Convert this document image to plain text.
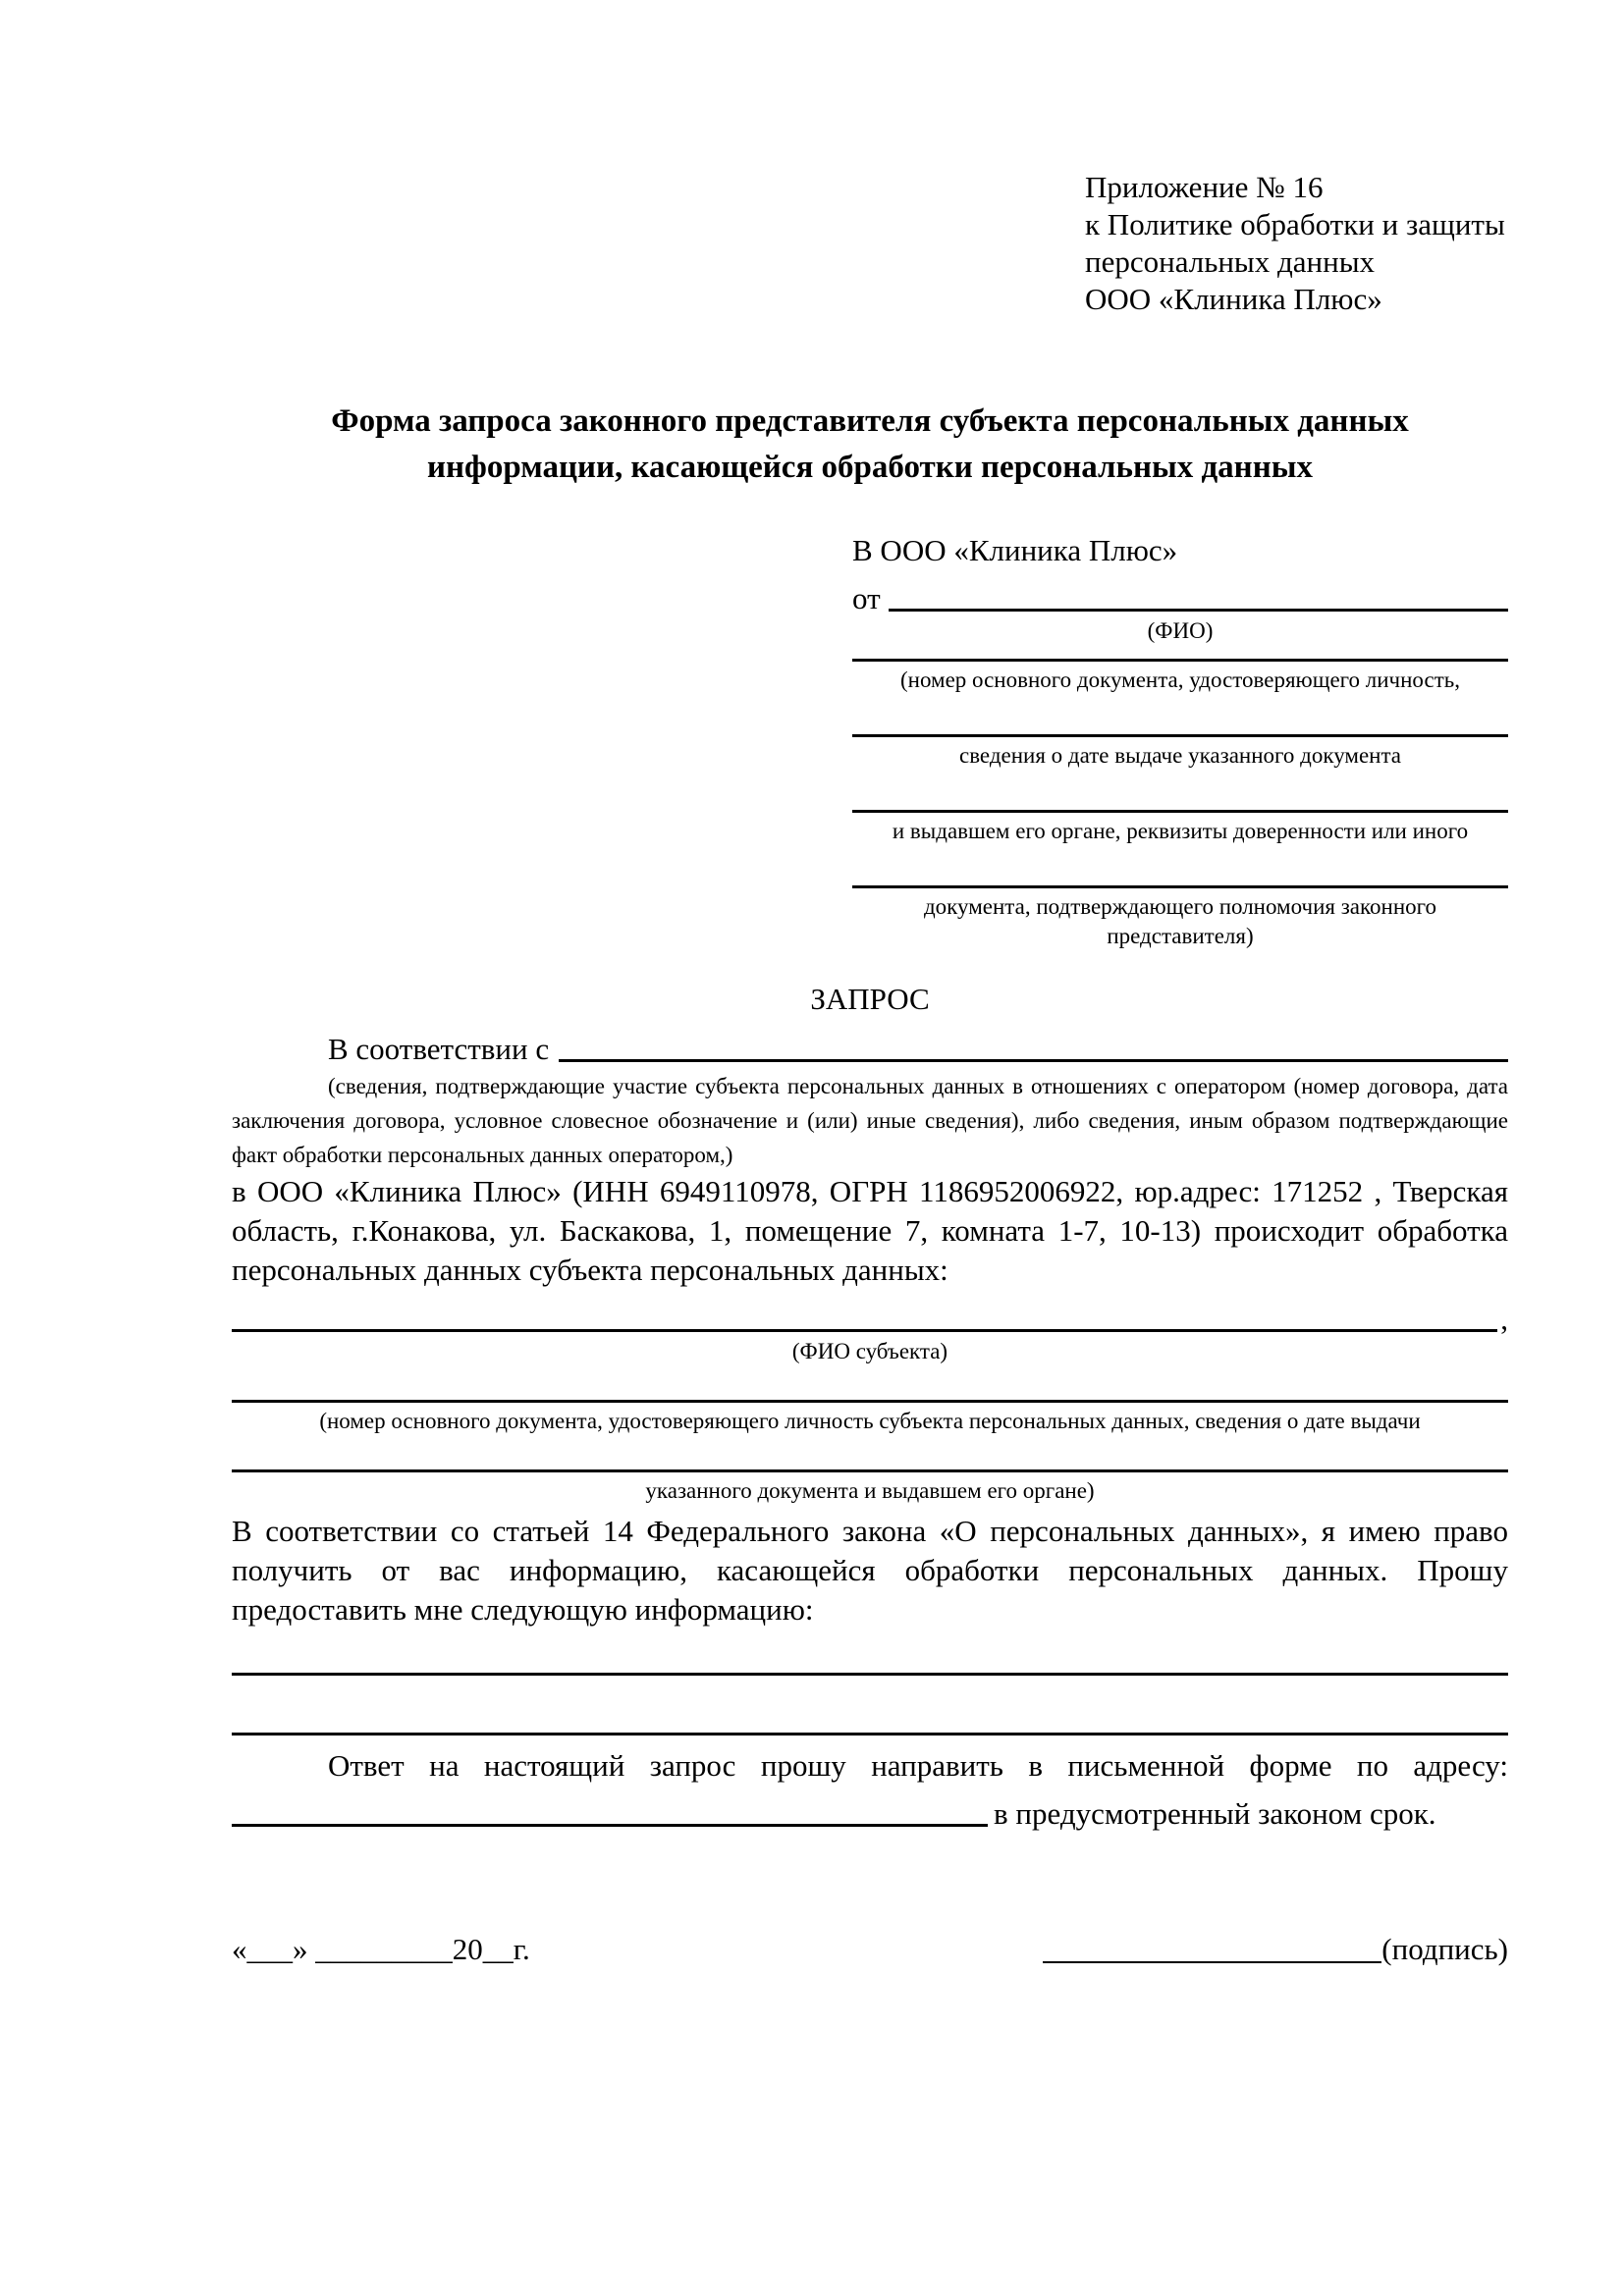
Приложение № 16
к Политике обработки и защиты
персональных данных
ООО «Клиника Плюс»
Форма запроса законного представителя субъекта персональных данных
информации, касающейся обработки персональных данных
В ООО «Клиника Плюс»
от
(ФИО)
(номер основного документа, удостоверяющего личность,
сведения о дате выдаче указанного документа
и выдавшем его органе, реквизиты доверенности или иного
документа, подтверждающего полномочия законного представителя)
ЗАПРОС
В соответствии с
(сведения, подтверждающие участие субъекта персональных данных в отношениях с оператором (номер договора, дата заключения договора, условное словесное обозначение и (или) иные сведения), либо сведения, иным образом подтверждающие факт обработки персональных данных оператором,)
в ООО «Клиника Плюс» (ИНН 6949110978, ОГРН 1186952006922, юр.адрес: 171252 , Тверская область, г.Конакова, ул. Баскакова, 1, помещение 7, комната 1-7, 10-13) происходит обработка персональных данных субъекта персональных данных:
,
(ФИО субъекта)
(номер основного документа, удостоверяющего личность субъекта персональных данных, сведения о дате выдачи
указанного документа и выдавшем его органе)
В соответствии со статьей 14 Федерального закона «О персональных данных», я имею право получить от вас информацию, касающейся обработки персональных данных. Прошу предоставить мне следующую информацию:
Ответ на настоящий запрос прошу направить в письменной форме по адресу:
в предусмотренный законом срок.
«___» _________20__г.	(подпись)
